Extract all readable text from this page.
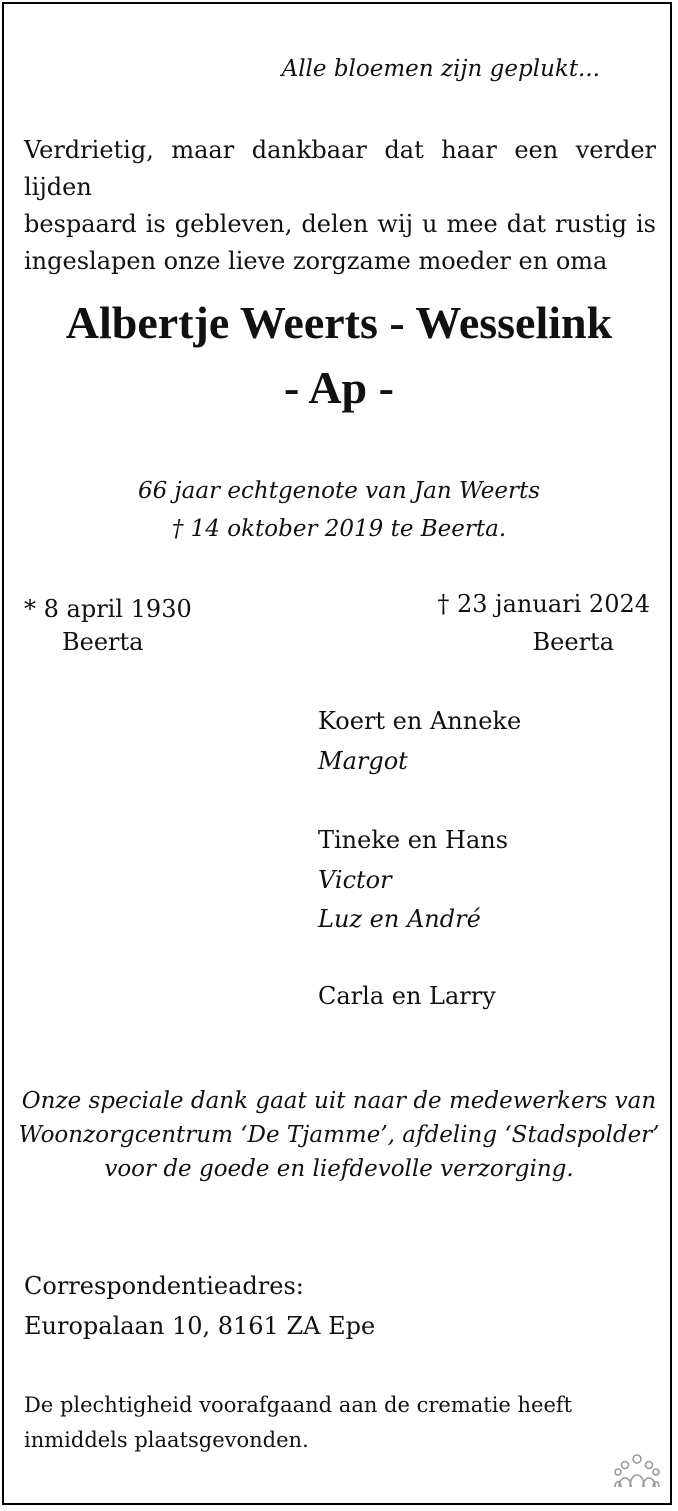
Alle bloemen zijn geplukt...

Verdrietig, maar dankbaar dat haar een verder lijden
bespaard is gebleven, delen wij u mee dat rustig is
ingeslapen onze lieve zorgzame moeder en oma

Albertje Weerts - Wesselink

- Ap -

66 jaar echtgenote van Jan Weerts
† 14 oktober 2019 te Beerta.

* 8 april 1930

Beerta

† 23 januari 2024

Beerta

Koert en Anneke

Margot

Tineke en Hans

Victor

Luz en André

Carla en Larry

Onze speciale dank gaat uit naar de medewerkers van
Woonzorgcentrum ‘De Tjamme’, afdeling ‘Stadspolder’
voor de goede en liefdevolle verzorging.
Correspondentieadres:
Europalaan 10, 8161 ZA Epe
De plechtigheid voorafgaand aan de crematie heeft
inmiddels plaatsgevonden.
